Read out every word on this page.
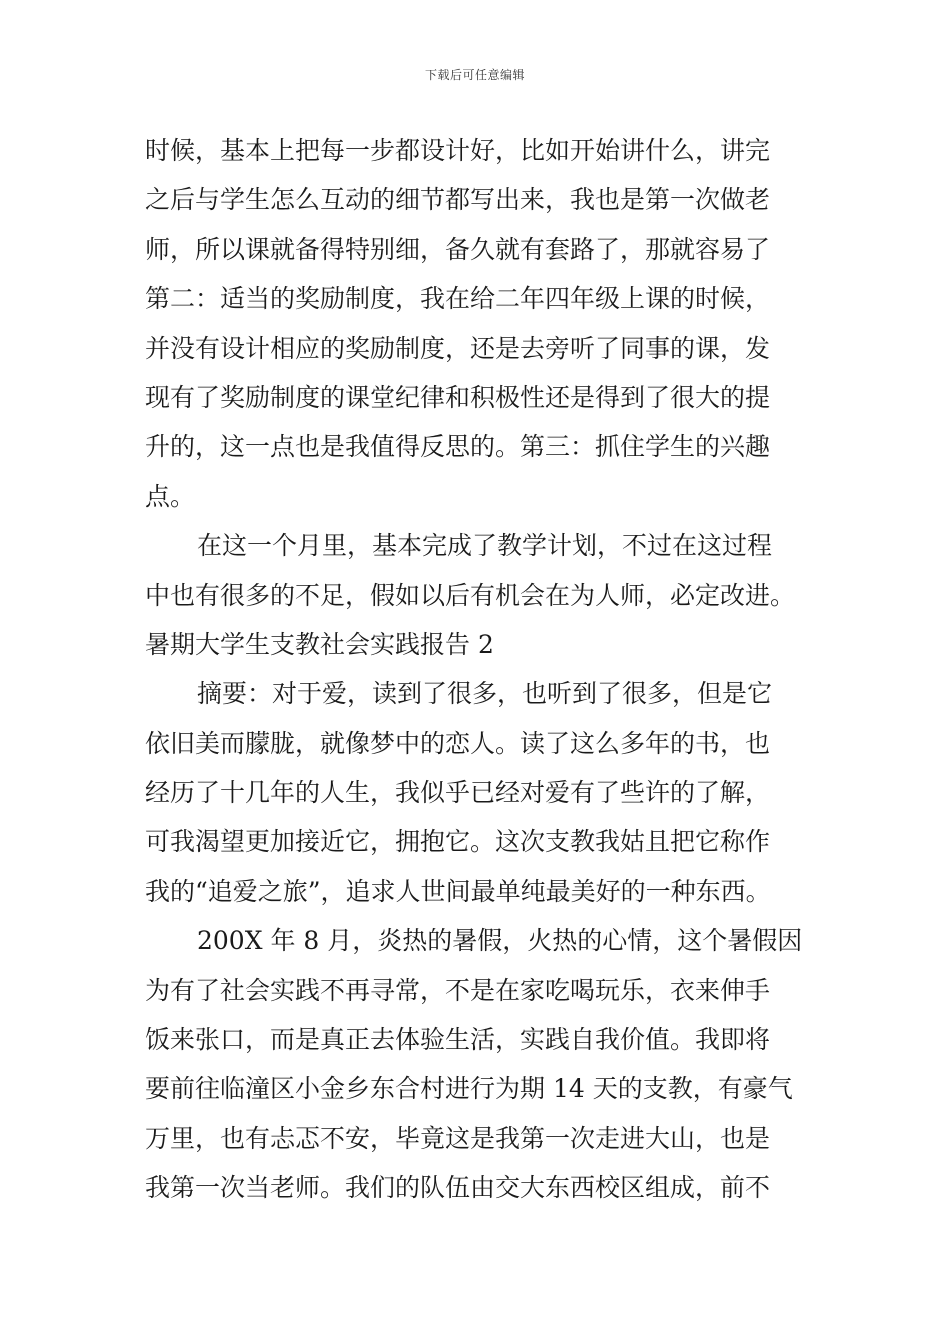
下载后可任意编辑
时候，基本上把每一步都设计好，比如开始讲什么，讲完
之后与学生怎么互动的细节都写出来，我也是第一次做老
师，所以课就备得特别细，备久就有套路了，那就容易了
第二：适当的奖励制度，我在给二年四年级上课的时候，
并没有设计相应的奖励制度，还是去旁听了同事的课，发
现有了奖励制度的课堂纪律和积极性还是得到了很大的提
升的，这一点也是我值得反思的。第三：抓住学生的兴趣
点。
在这一个月里，基本完成了教学计划，不过在这过程
中也有很多的不足，假如以后有机会在为人师，必定改进。
暑期大学生支教社会实践报告 2
摘要：对于爱，读到了很多，也听到了很多，但是它
依旧美而朦胧，就像梦中的恋人。读了这么多年的书，也
经历了十几年的人生，我似乎已经对爱有了些许的了解，
可我渴望更加接近它，拥抱它。这次支教我姑且把它称作
我的“追爱之旅”，追求人世间最单纯最美好的一种东西。
200X 年 8 月，炎热的暑假，火热的心情，这个暑假因
为有了社会实践不再寻常，不是在家吃喝玩乐，衣来伸手
饭来张口，而是真正去体验生活，实践自我价值。我即将
要前往临潼区小金乡东合村进行为期 14 天的支教，有豪气
万里，也有忐忑不安，毕竟这是我第一次走进大山，也是
我第一次当老师。我们的队伍由交大东西校区组成，前不
